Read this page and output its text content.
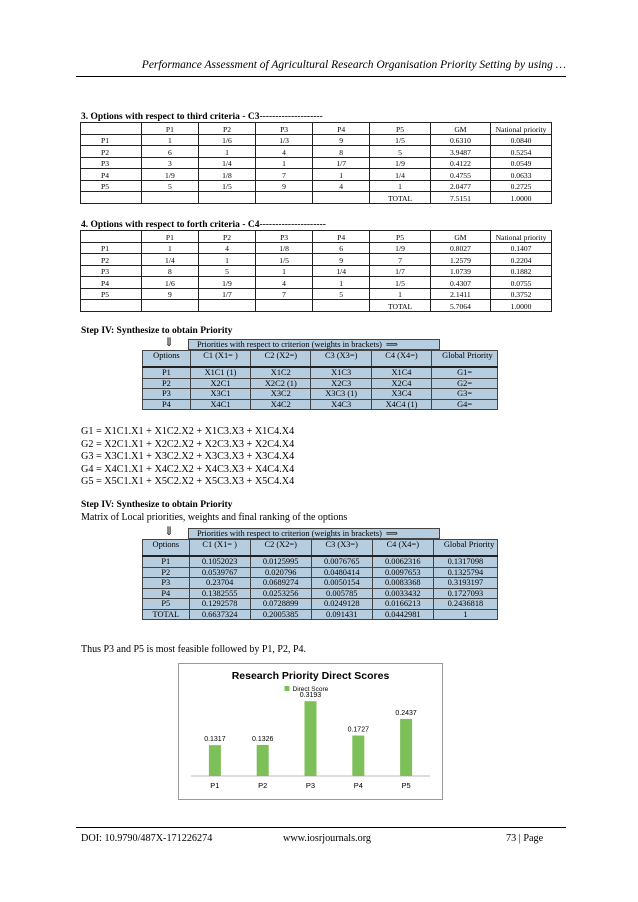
Performance Assessment of Agricultural Research Organisation Priority Setting by using …
3. Options with respect to third criteria - C3--------------------
	P1	P2	P3	P4	P5	GM	National priority
P1	1	1/6	1/3	9	1/5	0.6310	0.0840
P2	6	1	4	8	5	3.9487	0.5254
P3	3	1/4	1	1/7	1/9	0.4122	0.0549
P4	1/9	1/8	7	1	1/4	0.4755	0.0633
P5	5	1/5	9	4	1	2.0477	0.2725
					TOTAL	7.5151	1.0000
4. Options with respect to forth criteria - C4---------------------
	P1	P2	P3	P4	P5	GM	National priority
P1	1	4	1/8	6	1/9	0.8027	0.1407
P2	1/4	1	1/5	9	7	1.2579	0.2204
P3	8	5	1	1/4	1/7	1.0739	0.1882
P4	1/6	1/9	4	1	1/5	0.4307	0.0755
P5	9	1/7	7	5	1	2.1411	0.3752
					TOTAL	5.7064	1.0000
Step IV: Synthesize to obtain Priority
⇓	Priorities with respect to criterion (weights in brackets) ⟹
Options	C1 (X1= )	C2 (X2=)	C3 (X3=)	C4 (X4=)	Global Priority
P1	X1C1 (1)	X1C2	X1C3	X1C4	G1=
P2	X2C1	X2C2 (1)	X2C3	X2C4	G2=
P3	X3C1	X3C2	X3C3 (1)	X3C4	G3=
P4	X4C1	X4C2	X4C3	X4C4 (1)	G4=
G1 = X1C1.X1 + X1C2.X2 + X1C3.X3 + X1C4.X4
G2 = X2C1.X1 + X2C2.X2 + X2C3.X3 + X2C4.X4
G3 = X3C1.X1 + X3C2.X2 + X3C3.X3 + X3C4.X4
G4 = X4C1.X1 + X4C2.X2 + X4C3.X3 + X4C4.X4
G5 = X5C1.X1 + X5C2.X2 + X5C3.X3 + X5C4.X4
Step IV: Synthesize to obtain Priority
Matrix of Local priorities, weights and final ranking of the options
⇓	Priorities with respect to criterion (weights in brackets) ⟹
Options	C1 (X1= )	C2 (X2=)	C3 (X3=)	C4 (X4=)	Global Priority
P1	0.1052023	0.0125995	0.0076765	0.0062316	0.1317098
P2	0.0539767	0.020796	0.0480414	0.0097653	0.1325794
P3	0.23704	0.0689274	0.0050154	0.0083368	0.3193197
P4	0.1382555	0.0253256	0.005785	0.0033432	0.1727093
P5	0.1292578	0.0728899	0.0249128	0.0166213	0.2436818
TOTAL	0.6637324	0.2005385	0.091431	0.0442981	1
Thus P3 and P5 is most feasible followed by P1, P2, P4.
Research Priority Direct Scores
Direct Score
0.1317
P1
0.1326
P2
0.3193
P3
0.1727
P4
0.2437
P5
DOI: 10.9790/487X-171226274	www.iosrjournals.org	73 | Page
